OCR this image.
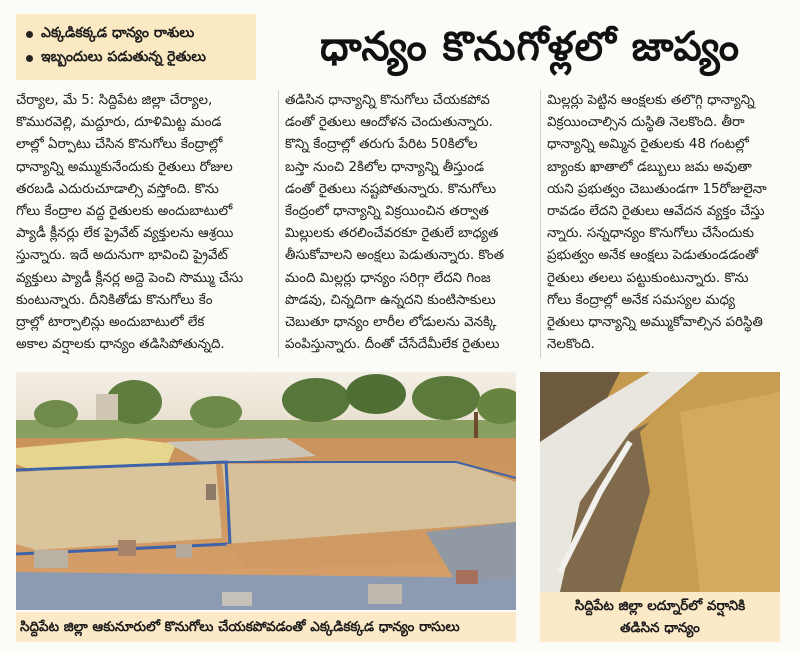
ఎక్కడికక్కడ ధాన్యం రాశులు
ఇబ్బందులు పడుతున్న రైతులు	ధాన్యం కొనుగోళ్లలో జాప్యం
చేర్యాల, మే 5: సిద్దిపేట జిల్లా చేర్యాల,
కొమురవెల్లి, మద్దూరు, దూళిమిట్ట మండ
లాల్లో ఏర్పాటు చేసిన కొనుగోలు కేంద్రాల్లో
ధాన్యాన్ని అమ్ముకునేందుకు రైతులు రోజుల
తరబడి ఎదురుచూడాల్సి వస్తోంది. కొను
గోలు కేంద్రాల వద్ద రైతులకు అందుబాటులో
ప్యాడీ క్లీనర్లు లేక ప్రైవేట్ వ్యక్తులను ఆశ్రయి
స్తున్నారు. ఇదే అదునుగా భావించి ప్రైవేట్
వ్యక్తులు ప్యాడీ క్లీనర్ల అద్దె పెంచి సొమ్ము చేసు
కుంటున్నారు. దీనికితోడు కొనుగోలు కేం
ద్రాల్లో టార్పాలిన్లు అందుబాటులో లేక
అకాల వర్షాలకు ధాన్యం తడిసిపోతున్నది.
తడిసిన ధాన్యాన్ని కొనుగోలు చేయకపోవ
డంతో రైతులు ఆందోళన చెందుతున్నారు.
కొన్ని కేంద్రాల్లో తరుగు పేరిట 50కిలోల
బస్తా నుంచి 2కిలోల ధాన్యాన్ని తీస్తుండ
డంతో రైతులు నష్టపోతున్నారు. కొనుగోలు
కేంద్రంలో ధాన్యాన్ని విక్రయించిన తర్వాత
మిల్లులకు తరలించేవరకూ రైతులే బాధ్యత
తీసుకోవాలని అంక్షలు పెడుతున్నారు. కొంత
మంది మిల్లర్లు ధాన్యం సరిగ్గా లేదని గింజ
పొడవు, చిన్నదిగా ఉన్నదని కుంటిసాకులు
చెబుతూ ధాన్యం లారీల లోడులను వెనక్కి
పంపిస్తున్నారు. దీంతో చేసేదేమీలేక రైతులు
మిల్లర్లు పెట్టిన ఆంక్షలకు తలొగ్గి ధాన్యాన్ని
విక్రయించాల్సిన దుస్థితి నెలకొంది. తీరా
ధాన్యాన్ని అమ్మిన రైతులకు 48 గంటల్లో
బ్యాంకు ఖాతాలో డబ్బులు జమ అవుతా
యని ప్రభుత్వం చెబుతుండగా 15రోజులైనా
రావడం లేదని రైతులు ఆవేదన వ్యక్తం చేస్తు
న్నారు. సన్నధాన్యం కొనుగోలు చేసేందుకు
ప్రభుత్వం అనేక ఆంక్షలు పెడుతుండడంతో
రైతులు తలలు పట్టుకుంటున్నారు. కొను
గోలు కేంద్రాల్లో అనేక సమస్యల మధ్య
రైతులు ధాన్యాన్ని అమ్ముకోవాల్సిన పరిస్థితి
నెలకొంది.
సిద్దిపేట జిల్లా ఆకునూరులో కొనుగోలు చేయకపోవడంతో ఎక్కడికక్కడ ధాన్యం రాసులు
సిద్దిపేట జిల్లా లద్నూర్‌లో వర్షానికి
తడిసిన ధాన్యం
